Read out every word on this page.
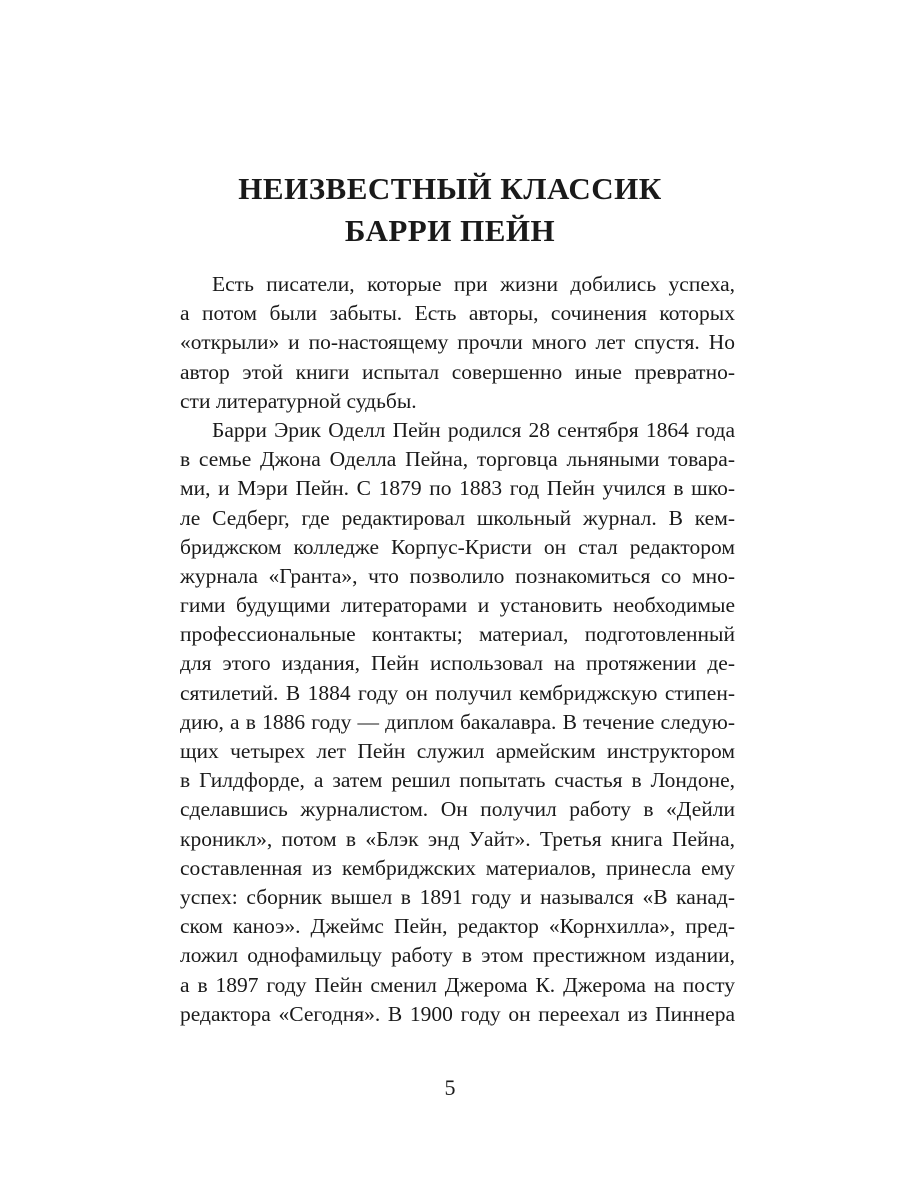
НЕИЗВЕСТНЫЙ КЛАССИК
БАРРИ ПЕЙН
Есть писатели, которые при жизни добились успеха,
а потом были забыты. Есть авторы, сочинения которых
«открыли» и по-настоящему прочли много лет спустя. Но
автор этой книги испытал совершенно иные превратно-
сти литературной судьбы.
Барри Эрик Оделл Пейн родился 28 сентября 1864 года
в семье Джона Оделла Пейна, торговца льняными товара-
ми, и Мэри Пейн. С 1879 по 1883 год Пейн учился в шко-
ле Седберг, где редактировал школьный журнал. В кем-
бриджском колледже Корпус-Кристи он стал редактором
журнала «Гранта», что позволило познакомиться со мно-
гими будущими литераторами и установить необходимые
профессиональные контакты; материал, подготовленный
для этого издания, Пейн использовал на протяжении де-
сятилетий. В 1884 году он получил кембриджскую стипен-
дию, а в 1886 году — диплом бакалавра. В течение следую-
щих четырех лет Пейн служил армейским инструктором
в Гилдфорде, а затем решил попытать счастья в Лондоне,
сделавшись журналистом. Он получил работу в «Дейли
кроникл», потом в «Блэк энд Уайт». Третья книга Пейна,
составленная из кембриджских материалов, принесла ему
успех: сборник вышел в 1891 году и назывался «В канад-
ском каноэ». Джеймс Пейн, редактор «Корнхилла», пред-
ложил однофамильцу работу в этом престижном издании,
а в 1897 году Пейн сменил Джерома К. Джерома на посту
редактора «Сегодня». В 1900 году он переехал из Пиннера
5
